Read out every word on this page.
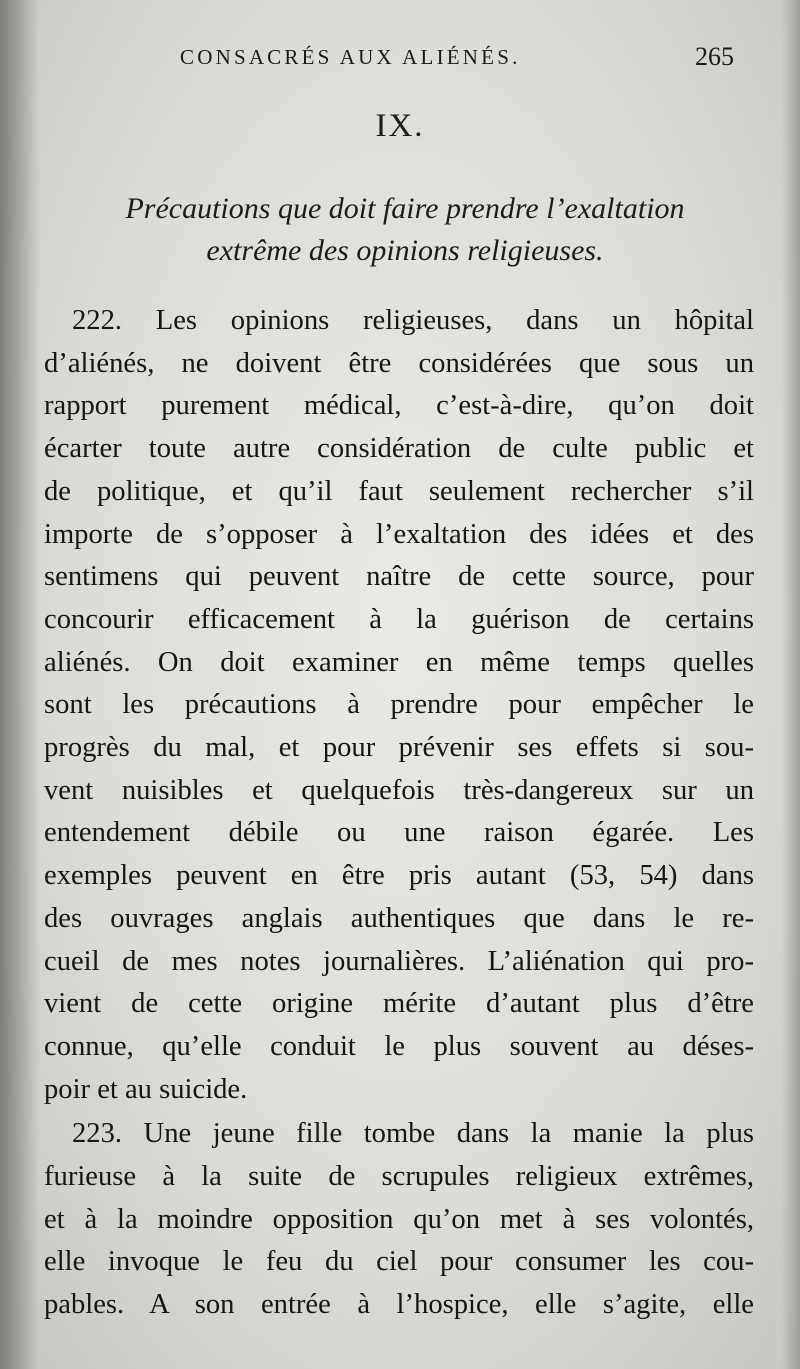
CONSACRÉS AUX ALIÉNÉS.	265
IX.
Précautions que doit faire prendre l’exaltation
extrême des opinions religieuses.
222. Les opinions religieuses, dans un hôpital
d’aliénés, ne doivent être considérées que sous un
rapport purement médical, c’est-à-dire, qu’on doit
écarter toute autre considération de culte public et
de politique, et qu’il faut seulement rechercher s’il
importe de s’opposer à l’exaltation des idées et des
sentimens qui peuvent naître de cette source, pour
concourir efficacement à la guérison de certains
aliénés. On doit examiner en même temps quelles
sont les précautions à prendre pour empêcher le
progrès du mal, et pour prévenir ses effets si sou-
vent nuisibles et quelquefois très-dangereux sur un
entendement débile ou une raison égarée. Les
exemples peuvent en être pris autant (53, 54) dans
des ouvrages anglais authentiques que dans le re-
cueil de mes notes journalières. L’aliénation qui pro-
vient de cette origine mérite d’autant plus d’être
connue, qu’elle conduit le plus souvent au déses-
poir et au suicide.
223. Une jeune fille tombe dans la manie la plus
furieuse à la suite de scrupules religieux extrêmes,
et à la moindre opposition qu’on met à ses volontés,
elle invoque le feu du ciel pour consumer les cou-
pables. A son entrée à l’hospice, elle s’agite, elle
